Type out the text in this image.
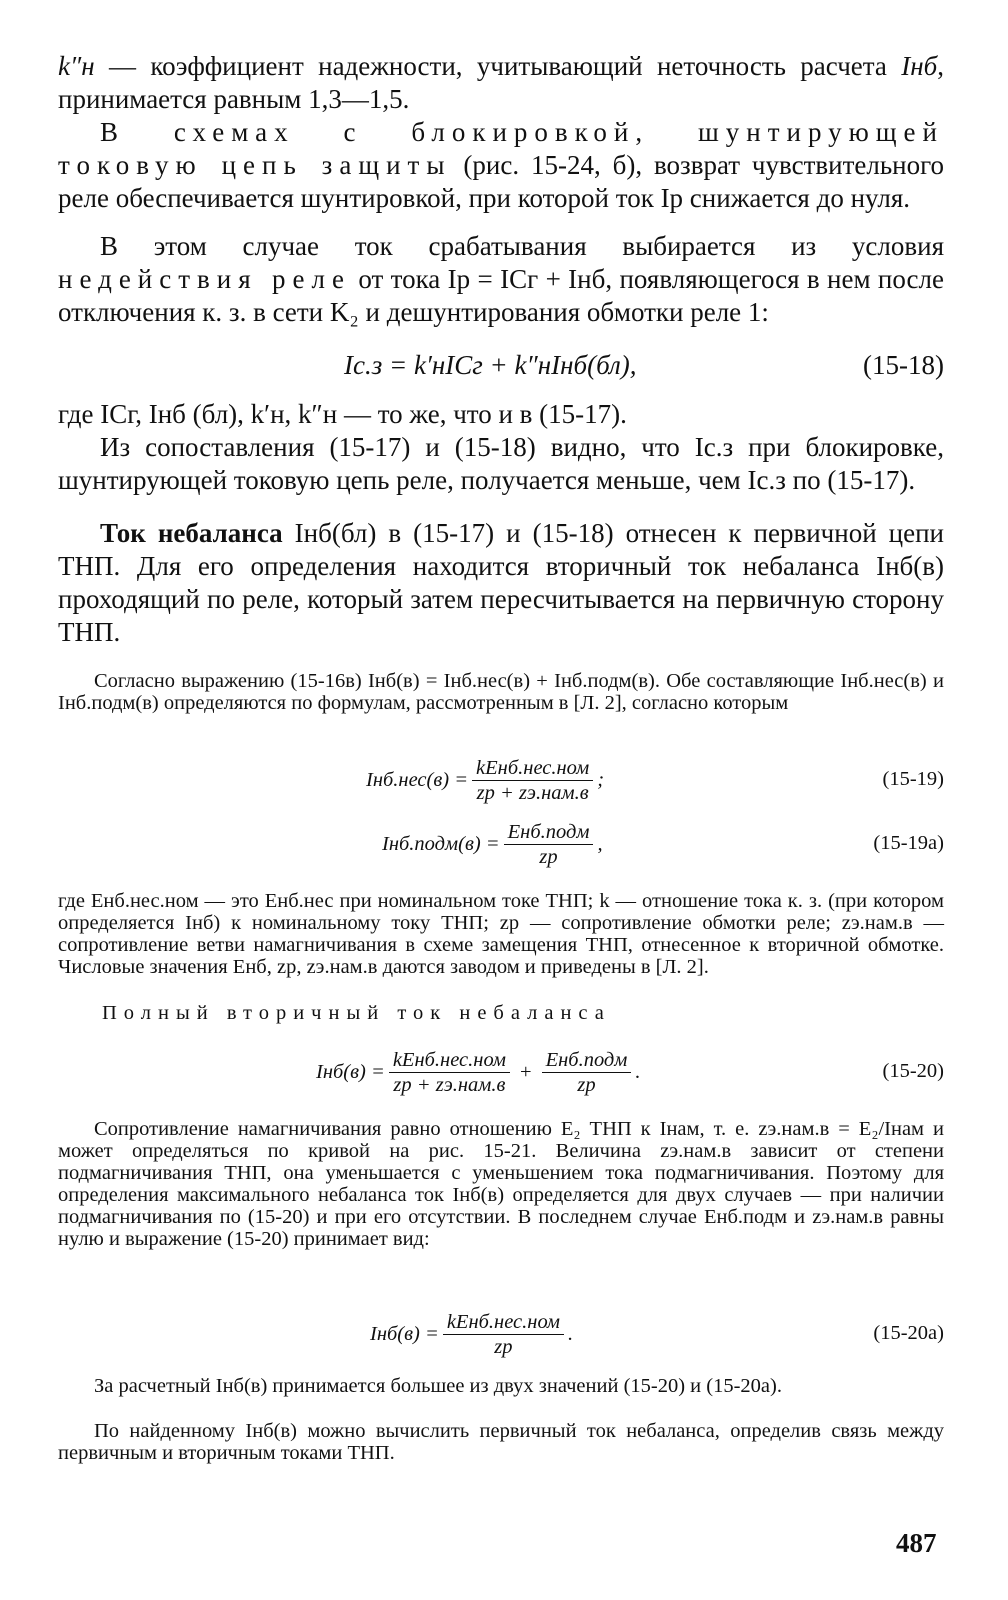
k″н — коэффициент надежности, учитывающий неточность расчета Iнб, принимается равным 1,3—1,5.

В схемах с блокировкой, шунтирующей токовую цепь защиты (рис. 15-24, б), возврат чувствительного реле обеспечивается шунтировкой, при которой ток Iр снижается до нуля.

В этом случае ток срабатывания выбирается из условия недействия реле от тока Iр = IСг + Iнб, появляющегося в нем после отключения к. з. в сети K₂ и дешунтирования обмотки реле 1:

Iс.з = k′нIСг + k″нIнб(бл),	(15-18)

где IСг, Iнб (бл), k′н, k″н — то же, что и в (15-17).

Из сопоставления (15-17) и (15-18) видно, что Iс.з при блокировке, шунтирующей токовую цепь реле, получается меньше, чем Iс.з по (15-17).

Ток небаланса Iнб(бл) в (15-17) и (15-18) отнесен к первичной цепи ТНП. Для его определения находится вторичный ток небаланса Iнб(в) проходящий по реле, который затем пересчитывается на первичную сторону ТНП.

Согласно выражению (15-16в) Iнб(в) = Iнб.нес(в) + Iнб.подм(в). Обе составляющие Iнб.нес(в) и Iнб.подм(в) определяются по формулам, рассмотренным в [Л. 2], согласно которым

$Iнб.нес(в) = \frac{\text{kEнб.нес.ном}}{\text{zр + zэ.нам.в}}$ ;	(15-19)
Iнб.подм(в) = $\frac{\text{Eнб.подм}}{zр}$ ,	(15-19а)

где Eнб.нес.ном — это Eнб.нес при номинальном токе ТНП; k — отношение тока к. з. (при котором определяется Iнб) к номинальному току ТНП; zр — сопротивление обмотки реле; zэ.нам.в — сопротивление ветви намагничивания в схеме замещения ТНП, отнесенное к вторичной обмотке. Числовые значения Eнб, zр, zэ.нам.в даются заводом и приведены в [Л. 2].

Полный вторичный ток небаланса

$Iнб(в) = \frac{\text{kEнб.нес.ном}}{\text{zр + zэ.нам.в}} + \frac{\text{Eнб.подм}}{zр}$ .	(15-20)

Сопротивление намагничивания равно отношению E₂ ТНП к Iнам, т. е. zэ.нам.в = E₂/Iнам и может определяться по кривой на рис. 15-21. Величина zэ.нам.в зависит от степени подмагничивания ТНП, она уменьшается с уменьшением тока подмагничивания. Поэтому для определения максимального небаланса ток Iнб(в) определяется для двух случаев — при наличии подмагничивания по (15-20) и при его отсутствии. В последнем случае Eнб.подм и zэ.нам.в равны нулю и выражение (15-20) принимает вид:

$Iнб(в) = \frac{\text{kEнб.нес.ном}}{zр}$ .	(15-20а)

За расчетный Iнб(в) принимается большее из двух значений (15-20) и (15-20а).

По найденному Iнб(в) можно вычислить первичный ток небаланса, определив связь между первичным и вторичным токами ТНП.

487
